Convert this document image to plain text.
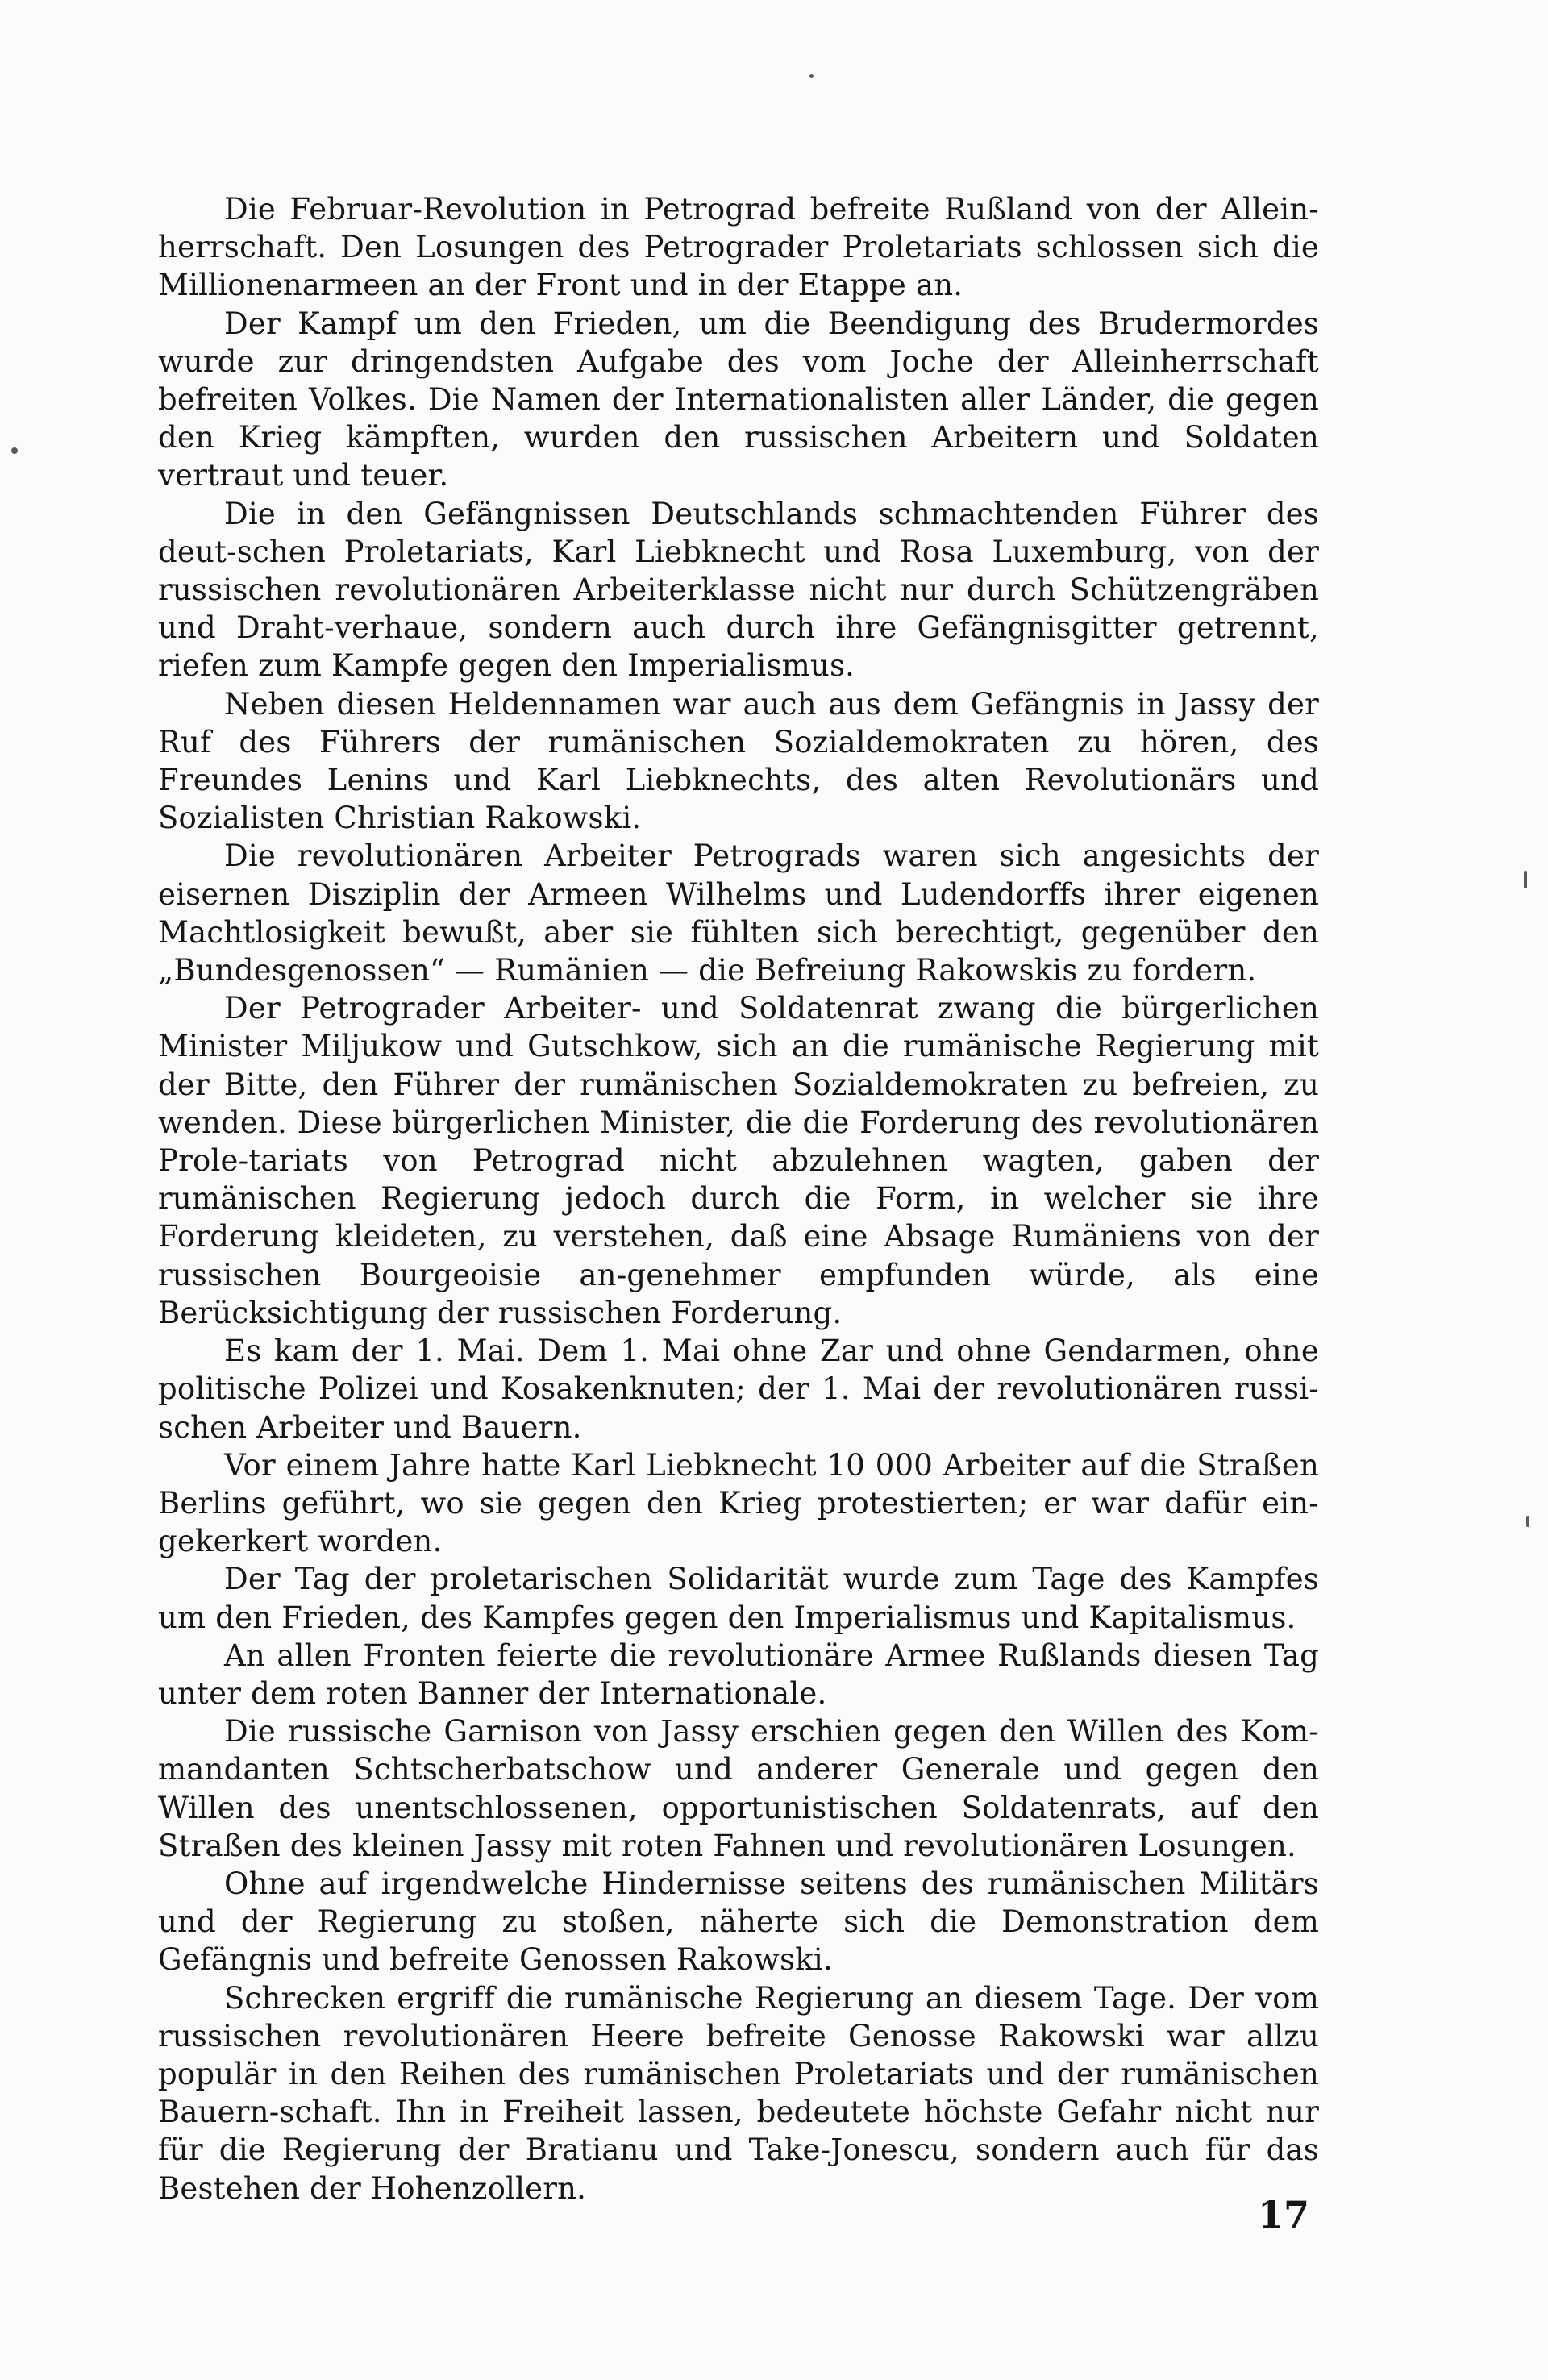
Die Februar-Revolution in Petrograd befreite Rußland von der Allein-herrschaft. Den Losungen des Petrograder Proletariats schlossen sich die Millionenarmeen an der Front und in der Etappe an.

Der Kampf um den Frieden, um die Beendigung des Brudermordes wurde zur dringendsten Aufgabe des vom Joche der Alleinherrschaft befreiten Volkes. Die Namen der Internationalisten aller Länder, die gegen den Krieg kämpften, wurden den russischen Arbeitern und Soldaten vertraut und teuer.

Die in den Gefängnissen Deutschlands schmachtenden Führer des deut-schen Proletariats, Karl Liebknecht und Rosa Luxemburg, von der russischen revolutionären Arbeiterklasse nicht nur durch Schützengräben und Draht-verhaue, sondern auch durch ihre Gefängnisgitter getrennt, riefen zum Kampfe gegen den Imperialismus.

Neben diesen Heldennamen war auch aus dem Gefängnis in Jassy der Ruf des Führers der rumänischen Sozialdemokraten zu hören, des Freundes Lenins und Karl Liebknechts, des alten Revolutionärs und Sozialisten Christian Rakowski.

Die revolutionären Arbeiter Petrograds waren sich angesichts der eisernen Disziplin der Armeen Wilhelms und Ludendorffs ihrer eigenen Machtlosigkeit bewußt, aber sie fühlten sich berechtigt, gegenüber den „Bundesgenossen“ — Rumänien — die Befreiung Rakowskis zu fordern.

Der Petrograder Arbeiter- und Soldatenrat zwang die bürgerlichen Minister Miljukow und Gutschkow, sich an die rumänische Regierung mit der Bitte, den Führer der rumänischen Sozialdemokraten zu befreien, zu wenden. Diese bürgerlichen Minister, die die Forderung des revolutionären Prole-tariats von Petrograd nicht abzulehnen wagten, gaben der rumänischen Regierung jedoch durch die Form, in welcher sie ihre Forderung kleideten, zu verstehen, daß eine Absage Rumäniens von der russischen Bourgeoisie an-genehmer empfunden würde, als eine Berücksichtigung der russischen Forderung.

Es kam der 1. Mai. Dem 1. Mai ohne Zar und ohne Gendarmen, ohne politische Polizei und Kosakenknuten; der 1. Mai der revolutionären russi-schen Arbeiter und Bauern.

Vor einem Jahre hatte Karl Liebknecht 10 000 Arbeiter auf die Straßen Berlins geführt, wo sie gegen den Krieg protestierten; er war dafür ein-gekerkert worden.

Der Tag der proletarischen Solidarität wurde zum Tage des Kampfes um den Frieden, des Kampfes gegen den Imperialismus und Kapitalismus.

An allen Fronten feierte die revolutionäre Armee Rußlands diesen Tag unter dem roten Banner der Internationale.

Die russische Garnison von Jassy erschien gegen den Willen des Kom-mandanten Schtscherbatschow und anderer Generale und gegen den Willen des unentschlossenen, opportunistischen Soldatenrats, auf den Straßen des kleinen Jassy mit roten Fahnen und revolutionären Losungen.

Ohne auf irgendwelche Hindernisse seitens des rumänischen Militärs und der Regierung zu stoßen, näherte sich die Demonstration dem Gefängnis und befreite Genossen Rakowski.

Schrecken ergriff die rumänische Regierung an diesem Tage. Der vom russischen revolutionären Heere befreite Genosse Rakowski war allzu populär in den Reihen des rumänischen Proletariats und der rumänischen Bauern-schaft. Ihn in Freiheit lassen, bedeutete höchste Gefahr nicht nur für die Regierung der Bratianu und Take-Jonescu, sondern auch für das Bestehen der Hohenzollern.

17
